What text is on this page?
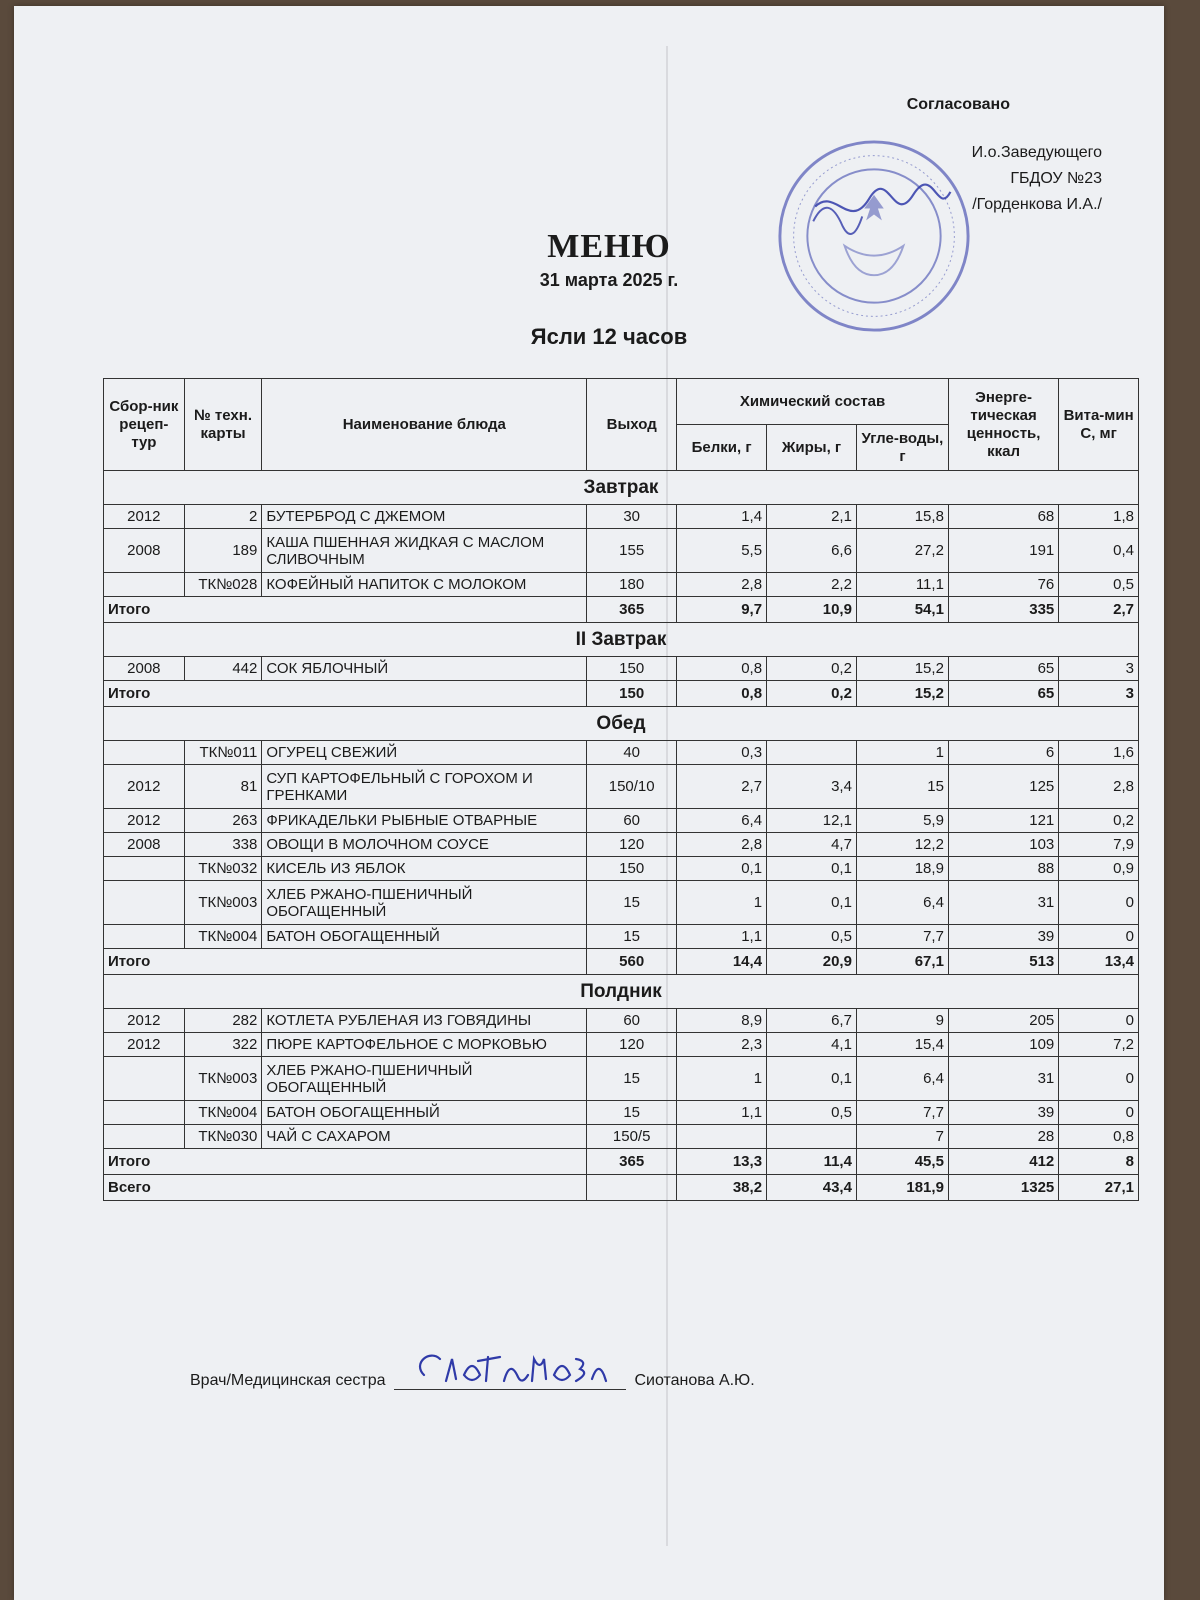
Согласовано
И.о.Заведующего
ГБДОУ №23
/Горденкова И.А./
МЕНЮ
31 марта 2025 г.
Ясли 12 часов
Сбор-ник рецеп-тур	№ техн. карты	Наименование блюда	Выход	Химический состав			Энерге-тическая ценность, ккал	Вита-мин С, мг
				Белки, г	Жиры, г	Угле-воды, г		
Завтрак								
2012	2	БУТЕРБРОД С ДЖЕМОМ	30	1,4	2,1	15,8	68	1,8
2008	189	КАША ПШЕННАЯ ЖИДКАЯ С МАСЛОМ СЛИВОЧНЫМ	155	5,5	6,6	27,2	191	0,4
	ТК№028	КОФЕЙНЫЙ НАПИТОК С МОЛОКОМ	180	2,8	2,2	11,1	76	0,5
Итого			365	9,7	10,9	54,1	335	2,7
II Завтрак								
2008	442	СОК ЯБЛОЧНЫЙ	150	0,8	0,2	15,2	65	3
Итого			150	0,8	0,2	15,2	65	3
Обед								
	ТК№011	ОГУРЕЦ СВЕЖИЙ	40	0,3		1	6	1,6
2012	81	СУП КАРТОФЕЛЬНЫЙ С ГОРОХОМ И ГРЕНКАМИ	150/10	2,7	3,4	15	125	2,8
2012	263	ФРИКАДЕЛЬКИ РЫБНЫЕ ОТВАРНЫЕ	60	6,4	12,1	5,9	121	0,2
2008	338	ОВОЩИ В МОЛОЧНОМ СОУСЕ	120	2,8	4,7	12,2	103	7,9
	ТК№032	КИСЕЛЬ ИЗ ЯБЛОК	150	0,1	0,1	18,9	88	0,9
	ТК№003	ХЛЕБ РЖАНО-ПШЕНИЧНЫЙ ОБОГАЩЕННЫЙ	15	1	0,1	6,4	31	0
	ТК№004	БАТОН ОБОГАЩЕННЫЙ	15	1,1	0,5	7,7	39	0
Итого			560	14,4	20,9	67,1	513	13,4
Полдник								
2012	282	КОТЛЕТА РУБЛЕНАЯ ИЗ ГОВЯДИНЫ	60	8,9	6,7	9	205	0
2012	322	ПЮРЕ КАРТОФЕЛЬНОЕ С МОРКОВЬЮ	120	2,3	4,1	15,4	109	7,2
	ТК№003	ХЛЕБ РЖАНО-ПШЕНИЧНЫЙ ОБОГАЩЕННЫЙ	15	1	0,1	6,4	31	0
	ТК№004	БАТОН ОБОГАЩЕННЫЙ	15	1,1	0,5	7,7	39	0
	ТК№030	ЧАЙ С САХАРОМ	150/5			7	28	0,8
Итого			365	13,3	11,4	45,5	412	8
Всего				38,2	43,4	181,9	1325	27,1
Врач/Медицинская сестра	Сиотанова А.Ю.
